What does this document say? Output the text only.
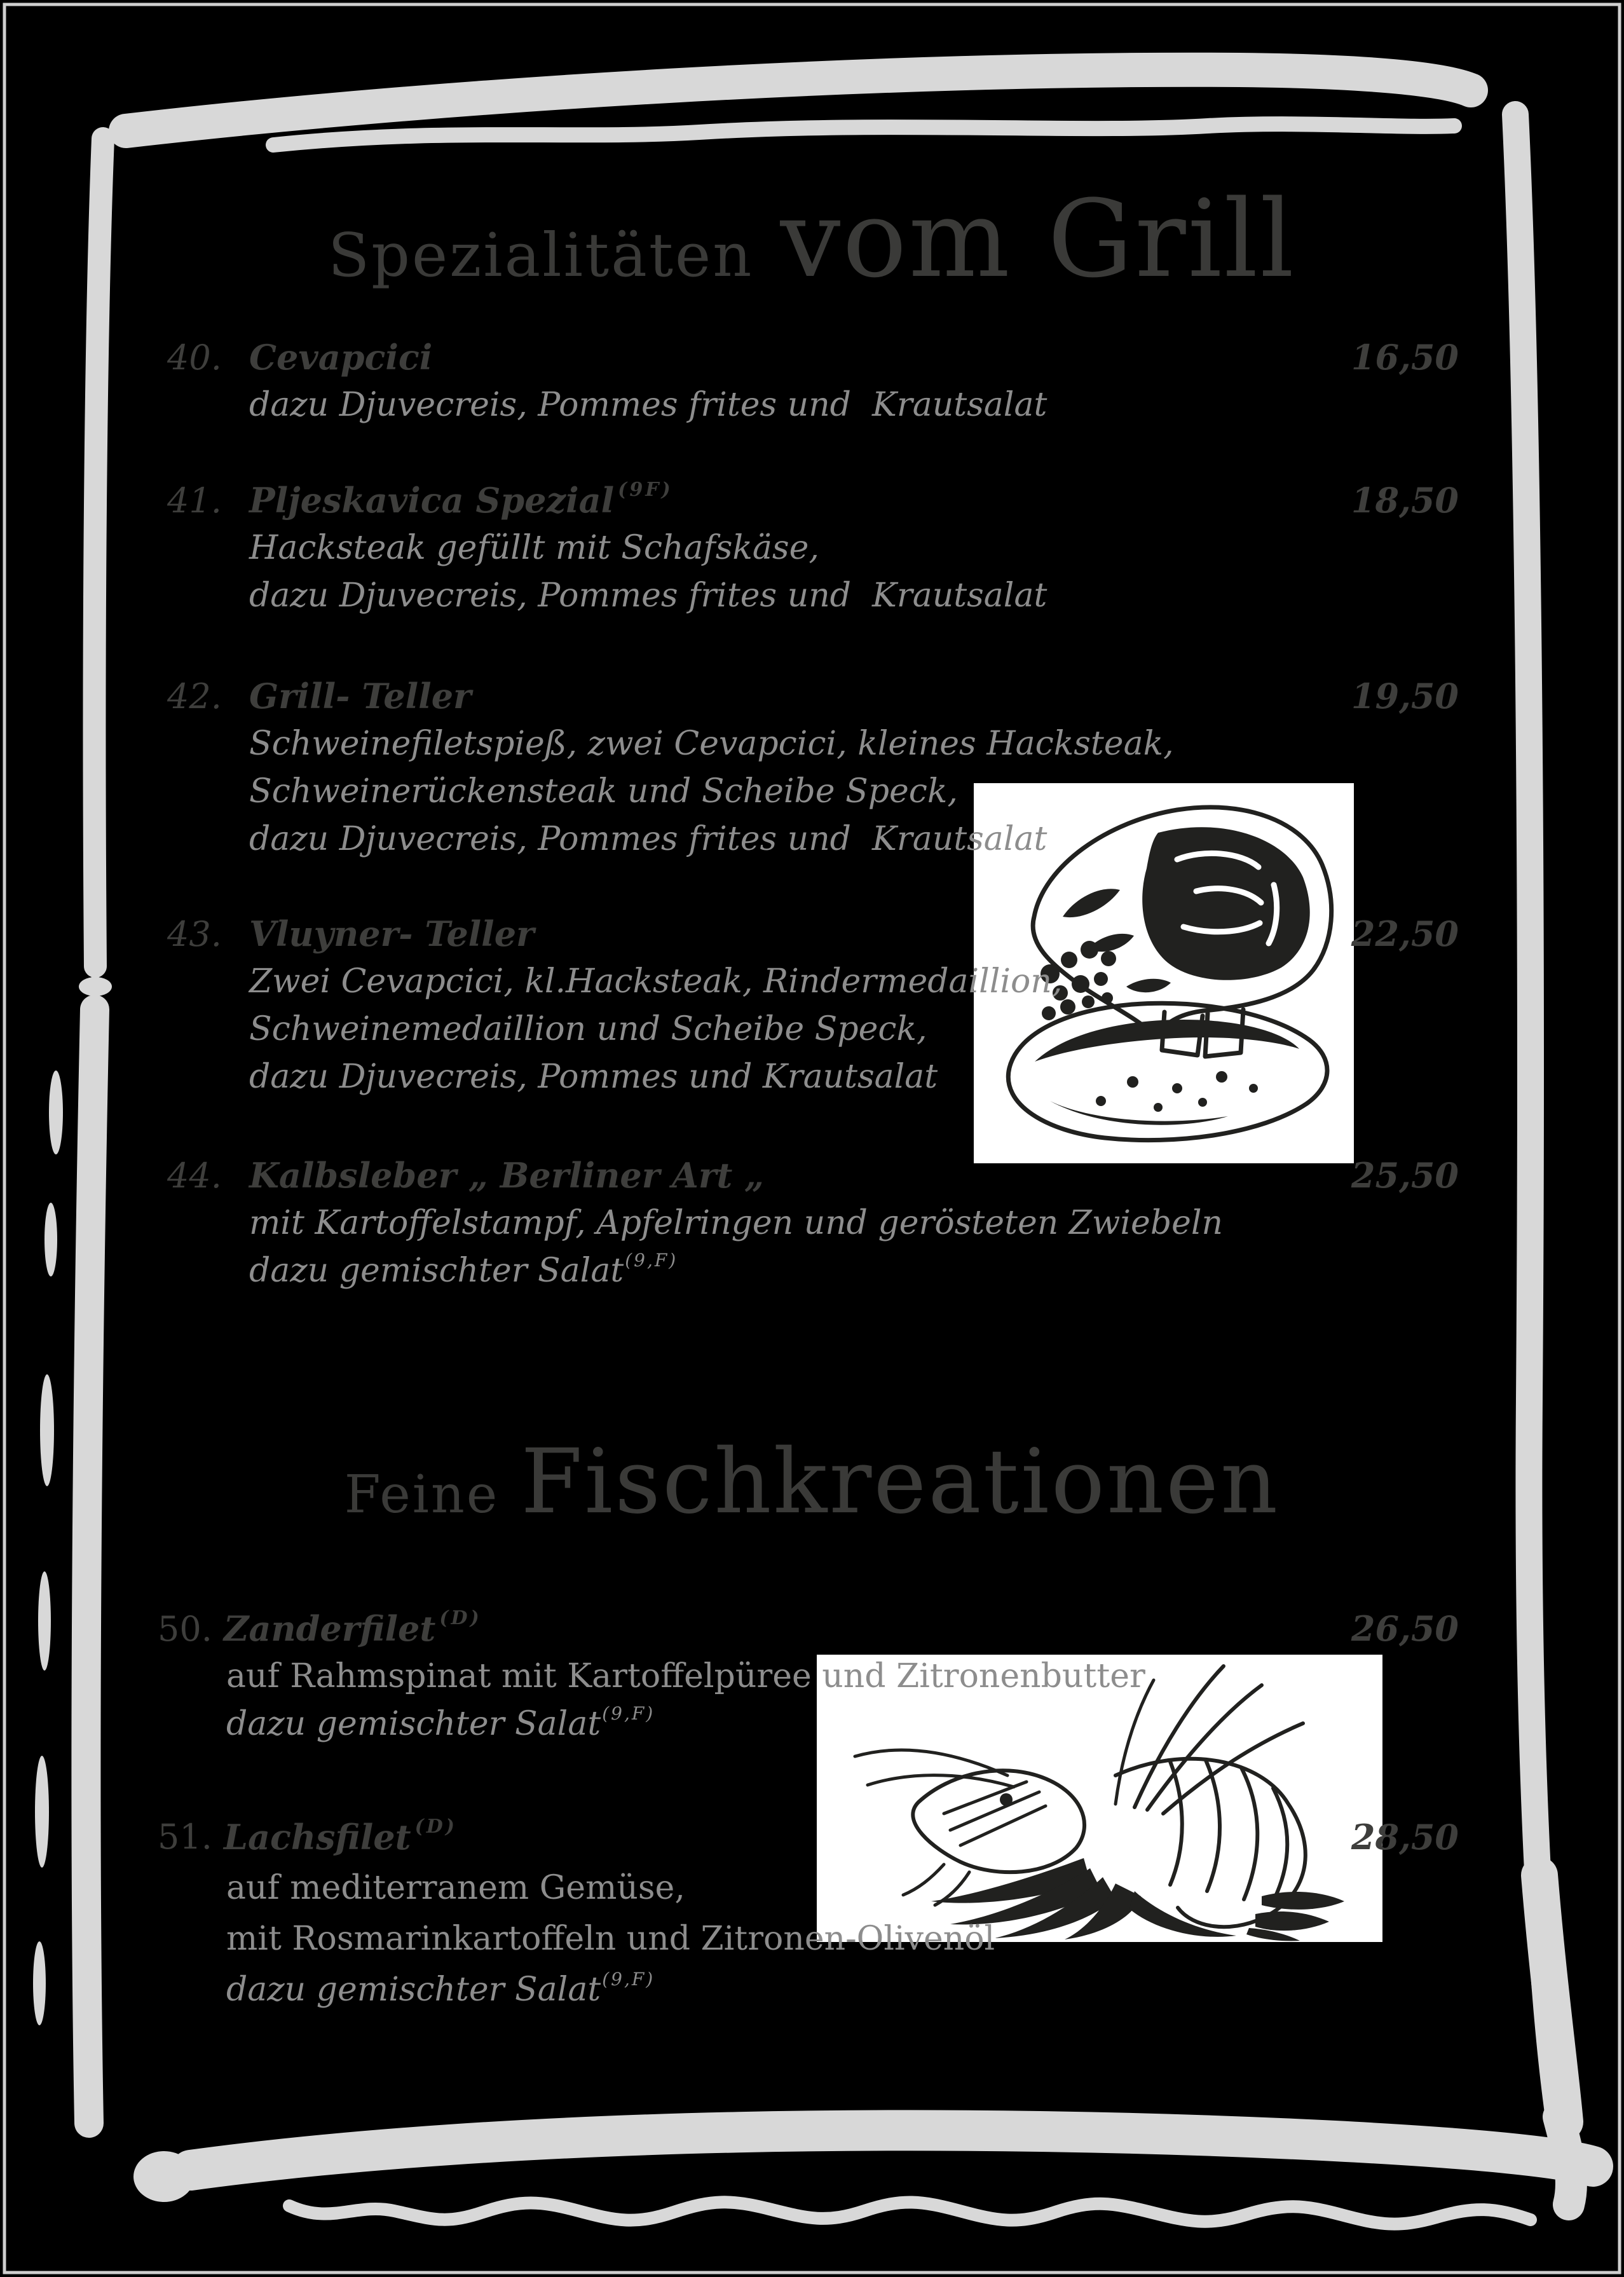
Spezialitäten vom Grill
Feine Fischkreationen
40. Cevapcici	16,50
dazu Djuvecreis, Pommes frites und  Krautsalat
41. Pljeskavica Spezial $^{(9F)}$	18,50
Hacksteak gefüllt mit Schafskäse,
dazu Djuvecreis, Pommes frites und  Krautsalat
42. Grill- Teller	19,50
Schweinefiletspieß, zwei Cevapcici, kleines Hacksteak,
Schweinerückensteak und Scheibe Speck,
dazu Djuvecreis, Pommes frites und  Krautsalat
43. Vluyner- Teller	22,50
Zwei Cevapcici, kl.Hacksteak, Rindermedaillion,
Schweinemedaillion und Scheibe Speck,
dazu Djuvecreis, Pommes und Krautsalat
44. Kalbsleber „ Berliner Art „	25,50
mit Kartoffelstampf, Apfelringen und gerösteten Zwiebeln
dazu gemischter Salat$^{(9,F)}$
50. Zanderfilet $^{(D)}$	26,50
auf Rahmspinat mit Kartoffelpüree und Zitronenbutter
dazu gemischter Salat$^{(9,F)}$
51. Lachsfilet $^{(D)}$	28,50
auf mediterranem Gemüse,
mit Rosmarinkartoffeln und Zitronen-Olivenöl
dazu gemischter Salat$^{(9,F)}$
